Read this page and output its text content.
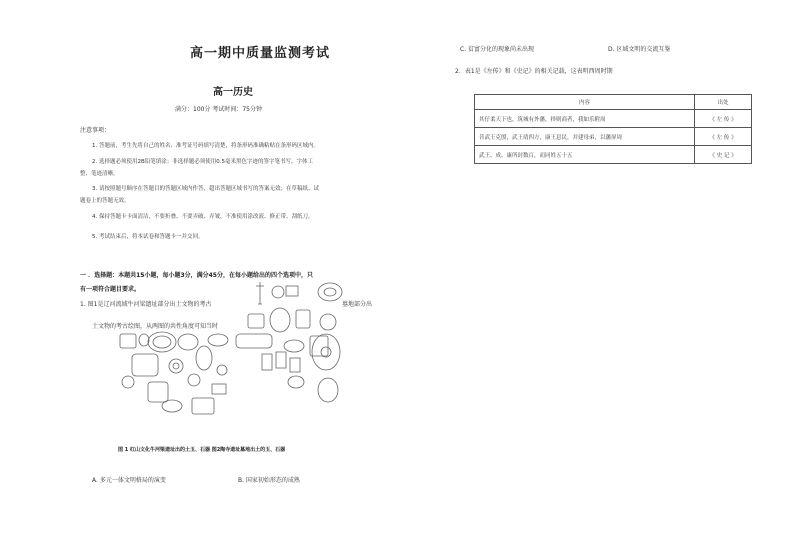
高一期中质量监测考试
高一历史
满分：100分 考试时间：75分钟
注意事项：
1. 答题前，考生先将自己的姓名、准考证号码填写清楚，将条形码准确粘贴在条形码区域内。
2. 选择题必须使用2B铅笔填涂；非选择题必须使用0.5毫米黑色字迹的签字笔书写，字体工
整、笔迹清晰。
3. 请按照题号顺序在答题目的答题区域内作答，超出答题区域书写的答案无效；在草稿纸、试
题卷上的答题无效。
4. 保持答题卡卡面清洁，不要折叠、不要弄破、弄皱，不准使用涂改液、修正带、刮纸刀。
5. 考试结束后，将本试卷和答题卡一并交回。
一 ．选择题：本题共15小题，每小题3分，满分45分，在每小题给出的四个选项中，只
有一项符合题目要求。
1. 图1是辽河流域牛河梁遗址部分出土文物的考古	墓地部分出
土文物的考古绘图，从两图的共性角度可知当时
图 1 红山文化牛河梁遗址出的土玉、石器 图2陶寺遗址墓地出土的玉、石器
A. 多元一体文明格局的演变	B. 国家初始形态的成熟
C. 贫富分化的现象尚未出现	D. 区域文明的交流互鉴
2．表1是《左传》和《史记》的相关记载，这表明西周时期
内容	出处
其仔柔天下也，筑城有外藩，择则商者，我如乐附周	《 左 传 》
昔武王克殷，武王靖四方，康王息民，并建母弟，以藩屏周	《 左 传 》
武王、成、康所封数百，而同姓五十五	《 史 记 》
